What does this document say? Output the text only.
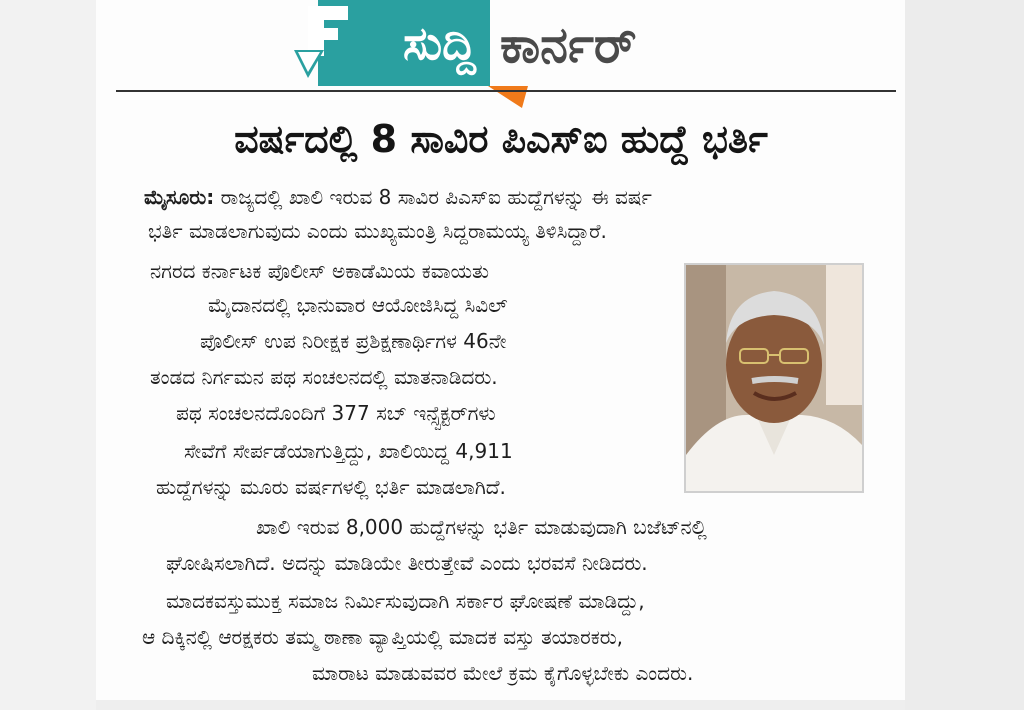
ಸುದ್ದಿ ಕಾರ್ನರ್
ವರ್ಷದಲ್ಲಿ 8 ಸಾವಿರ ಪಿಎಸ್ಐ ಹುದ್ದೆ ಭರ್ತಿ
ಮೈಸೂರು: ರಾಜ್ಯದಲ್ಲಿ ಖಾಲಿ ಇರುವ 8 ಸಾವಿರ ಪಿಎಸ್ಐ ಹುದ್ದೆಗಳನ್ನು ಈ ವರ್ಷ
ಭರ್ತಿ ಮಾಡಲಾಗುವುದು ಎಂದು ಮುಖ್ಯಮಂತ್ರಿ ಸಿದ್ದರಾಮಯ್ಯ ತಿಳಿಸಿದ್ದಾರೆ.
ನಗರದ ಕರ್ನಾಟಕ ಪೊಲೀಸ್ ಅಕಾಡೆಮಿಯ ಕವಾಯತು
ಮೈದಾನದಲ್ಲಿ ಭಾನುವಾರ ಆಯೋಜಿಸಿದ್ದ ಸಿವಿಲ್
ಪೊಲೀಸ್ ಉಪ ನಿರೀಕ್ಷಕ ಪ್ರಶಿಕ್ಷಣಾರ್ಥಿಗಳ 46ನೇ
ತಂಡದ ನಿರ್ಗಮನ ಪಥ ಸಂಚಲನದಲ್ಲಿ ಮಾತನಾಡಿದರು.
ಪಥ ಸಂಚಲನದೊಂದಿಗೆ 377 ಸಬ್ ಇನ್ಸ್ಪೆಕ್ಟರ್‌ಗಳು
ಸೇವೆಗೆ ಸೇರ್ಪಡೆಯಾಗುತ್ತಿದ್ದು, ಖಾಲಿಯಿದ್ದ 4,911
ಹುದ್ದೆಗಳನ್ನು ಮೂರು ವರ್ಷಗಳಲ್ಲಿ ಭರ್ತಿ ಮಾಡಲಾಗಿದೆ.
ಖಾಲಿ ಇರುವ 8,000 ಹುದ್ದೆಗಳನ್ನು ಭರ್ತಿ ಮಾಡುವುದಾಗಿ ಬಜೆಟ್‌ನಲ್ಲಿ
ಘೋಷಿಸಲಾಗಿದೆ. ಅದನ್ನು ಮಾಡಿಯೇ ತೀರುತ್ತೇವೆ ಎಂದು ಭರವಸೆ ನೀಡಿದರು.
ಮಾದಕವಸ್ತುಮುಕ್ತ ಸಮಾಜ ನಿರ್ಮಿಸುವುದಾಗಿ ಸರ್ಕಾರ ಘೋಷಣೆ ಮಾಡಿದ್ದು,
ಆ ದಿಕ್ಕಿನಲ್ಲಿ ಆರಕ್ಷಕರು ತಮ್ಮ ಠಾಣಾ ವ್ಯಾಪ್ತಿಯಲ್ಲಿ ಮಾದಕ ವಸ್ತು ತಯಾರಕರು,
ಮಾರಾಟ ಮಾಡುವವರ ಮೇಲೆ ಕ್ರಮ ಕೈಗೊಳ್ಳಬೇಕು ಎಂದರು.
